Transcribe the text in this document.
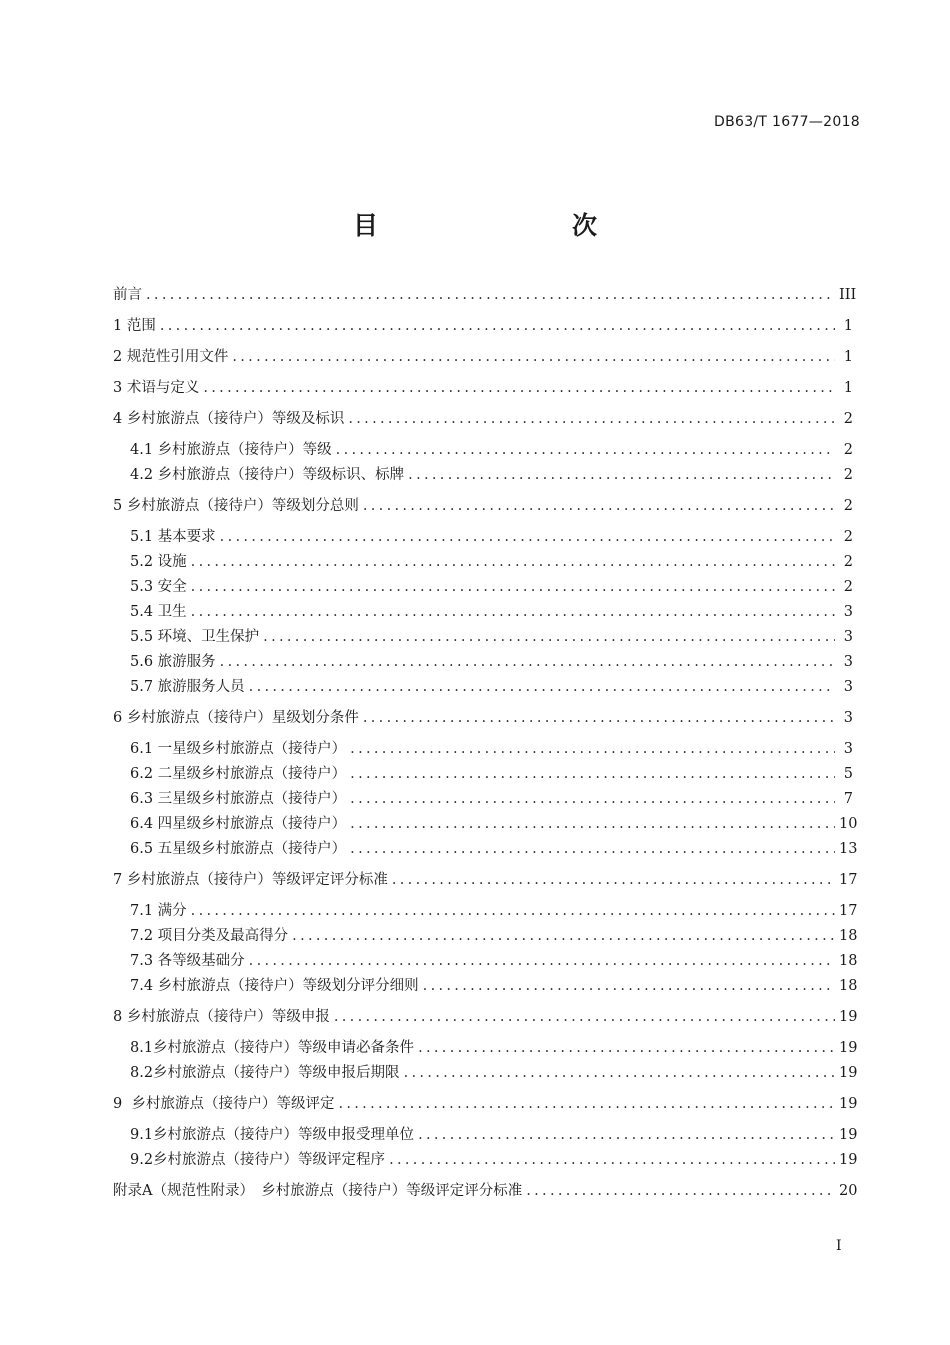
DB63/T 1677—2018
目　　次
前言 .....	III
1 范围 .....	1
2 规范性引用文件 .....	1
3 术语与定义 .....	1
4 乡村旅游点（接待户）等级及标识 .....	2
4.1 乡村旅游点（接待户）等级 .....	2
4.2 乡村旅游点（接待户）等级标识、标牌 .....	2
5 乡村旅游点（接待户）等级划分总则 .....	2
5.1 基本要求 .....	2
5.2 设施 .....	2
5.3 安全 .....	2
5.4 卫生 .....	3
5.5 环境、卫生保护 .....	3
5.6 旅游服务 .....	3
5.7 旅游服务人员 .....	3
6 乡村旅游点（接待户）星级划分条件 .....	3
6.1 一星级乡村旅游点（接待户） .....	3
6.2 二星级乡村旅游点（接待户） .....	5
6.3 三星级乡村旅游点（接待户） .....	7
6.4 四星级乡村旅游点（接待户） .....	10
6.5 五星级乡村旅游点（接待户） .....	13
7 乡村旅游点（接待户）等级评定评分标准 .....	17
7.1 满分 .....	17
7.2 项目分类及最高得分 .....	18
7.3 各等级基础分 .....	18
7.4 乡村旅游点（接待户）等级划分评分细则 .....	18
8 乡村旅游点（接待户）等级申报 .....	19
8.1乡村旅游点（接待户）等级申请必备条件 .....	19
8.2乡村旅游点（接待户）等级申报后期限 .....	19
9  乡村旅游点（接待户）等级评定 .....	19
9.1乡村旅游点（接待户）等级申报受理单位 .....	19
9.2乡村旅游点（接待户）等级评定程序 .....	19
附录A（规范性附录）　乡村旅游点（接待户）等级评定评分标准 .....	20
I
